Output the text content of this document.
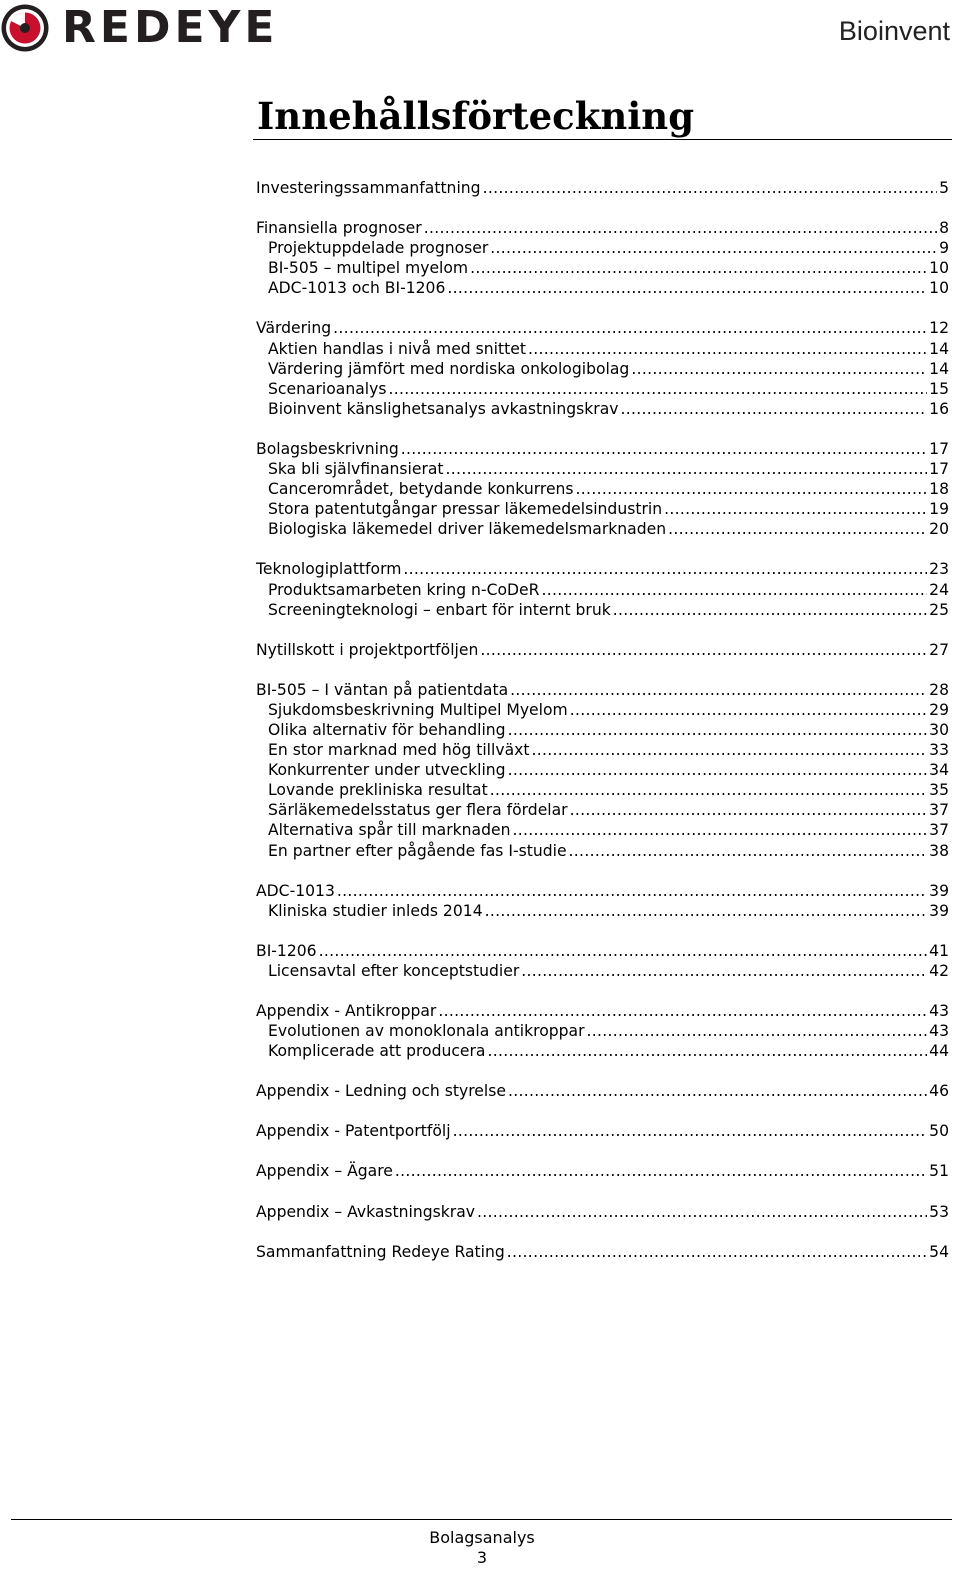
REDEYE	Bioinvent
Innehållsförteckning
Investeringssammanfattning .....	5
Finansiella prognoser .....	8
Projektuppdelade prognoser .....	9
BI-505 – multipel myelom .....	10
ADC-1013 och BI-1206 .....	10
Värdering .....	12
Aktien handlas i nivå med snittet .....	14
Värdering jämfört med nordiska onkologibolag .....	14
Scenarioanalys .....	15
Bioinvent känslighetsanalys avkastningskrav .....	16
Bolagsbeskrivning .....	17
Ska bli självfinansierat .....	17
Cancerområdet, betydande konkurrens .....	18
Stora patentutgångar pressar läkemedelsindustrin .....	19
Biologiska läkemedel driver läkemedelsmarknaden .....	20
Teknologiplattform .....	23
Produktsamarbeten kring n-CoDeR .....	24
Screeningteknologi – enbart för internt bruk .....	25
Nytillskott i projektportföljen .....	27
BI-505 – I väntan på patientdata .....	28
Sjukdomsbeskrivning Multipel Myelom .....	29
Olika alternativ för behandling .....	30
En stor marknad med hög tillväxt .....	33
Konkurrenter under utveckling .....	34
Lovande prekliniska resultat .....	35
Särläkemedelsstatus ger flera fördelar .....	37
Alternativa spår till marknaden .....	37
En partner efter pågående fas I-studie .....	38
ADC-1013 .....	39
Kliniska studier inleds 2014 .....	39
BI-1206 .....	41
Licensavtal efter konceptstudier .....	42
Appendix - Antikroppar .....	43
Evolutionen av monoklonala antikroppar .....	43
Komplicerade att producera .....	44
Appendix - Ledning och styrelse .....	46
Appendix - Patentportfölj .....	50
Appendix – Ägare .....	51
Appendix – Avkastningskrav .....	53
Sammanfattning Redeye Rating .....	54
Bolagsanalys
3
